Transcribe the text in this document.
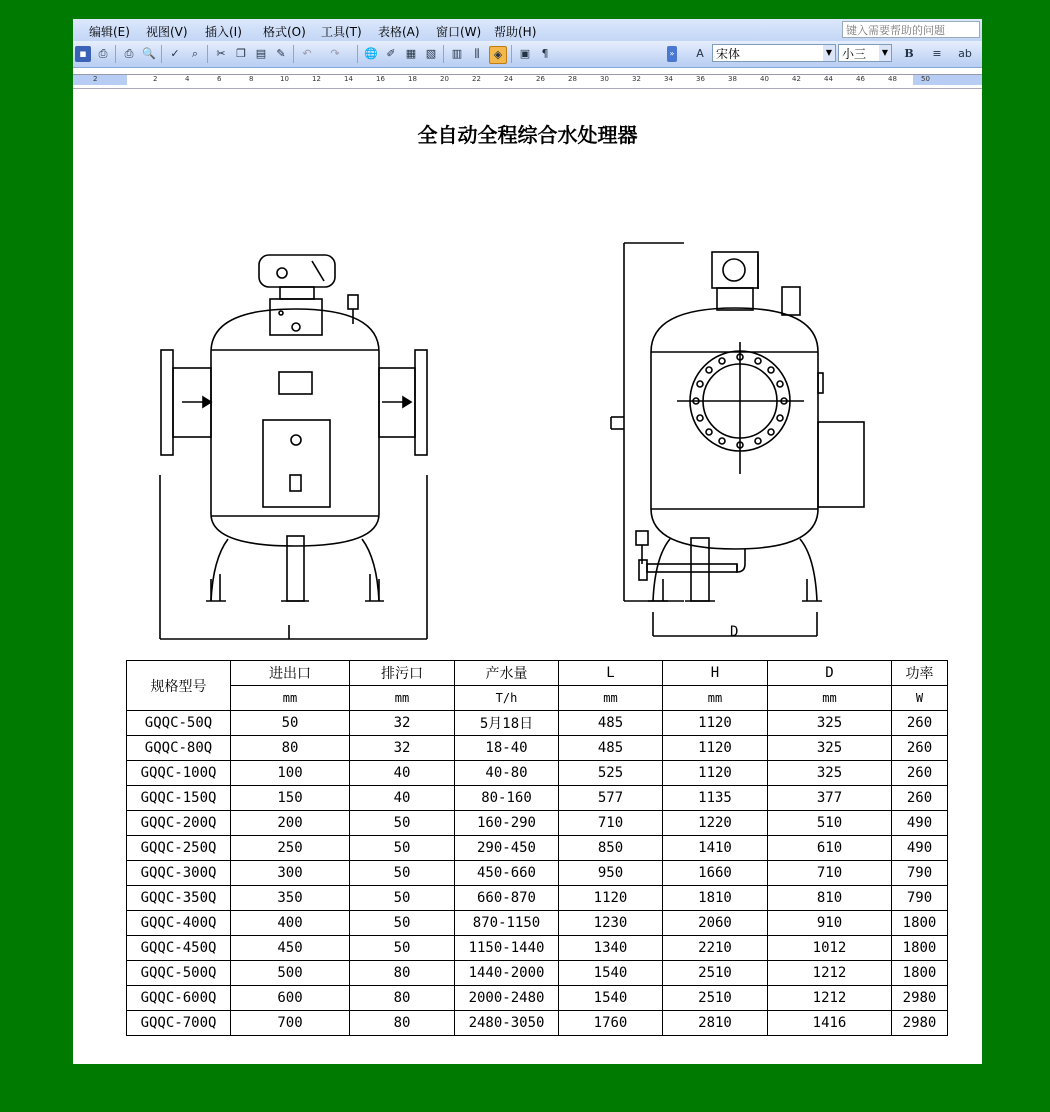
编辑(E) 视图(V) 插入(I) 格式(O) 工具(T) 表格(A) 窗口(W) 帮助(H)	键入需要帮助的问题
▪	⎙	⎙ 🔍	✓	⌕	✂ ❐ ▤ ✎	↶	↷	🌐 ✐ ▦ ▧ ▥	⫼	◈	▣	¶	»	A	宋体	▼ 小三	▼	B	≡	ab
2	2	4	6	8	10	12	14	16	18	20	22	24	26	28	30	32	34	36	38	40	42	44	46	48	50
全自动全程综合水处理器
D
规格型号	进出口	排污口	产水量	L	H	D	功率
	mm	mm	T/h	mm	mm	mm	W
GQQC-50Q	50	32	5月18日	485	1120	325	260
GQQC-80Q	80	32	18-40	485	1120	325	260
GQQC-100Q	100	40	40-80	525	1120	325	260
GQQC-150Q	150	40	80-160	577	1135	377	260
GQQC-200Q	200	50	160-290	710	1220	510	490
GQQC-250Q	250	50	290-450	850	1410	610	490
GQQC-300Q	300	50	450-660	950	1660	710	790
GQQC-350Q	350	50	660-870	1120	1810	810	790
GQQC-400Q	400	50	870-1150	1230	2060	910	1800
GQQC-450Q	450	50	1150-1440	1340	2210	1012	1800
GQQC-500Q	500	80	1440-2000	1540	2510	1212	1800
GQQC-600Q	600	80	2000-2480	1540	2510	1212	2980
GQQC-700Q	700	80	2480-3050	1760	2810	1416	2980
